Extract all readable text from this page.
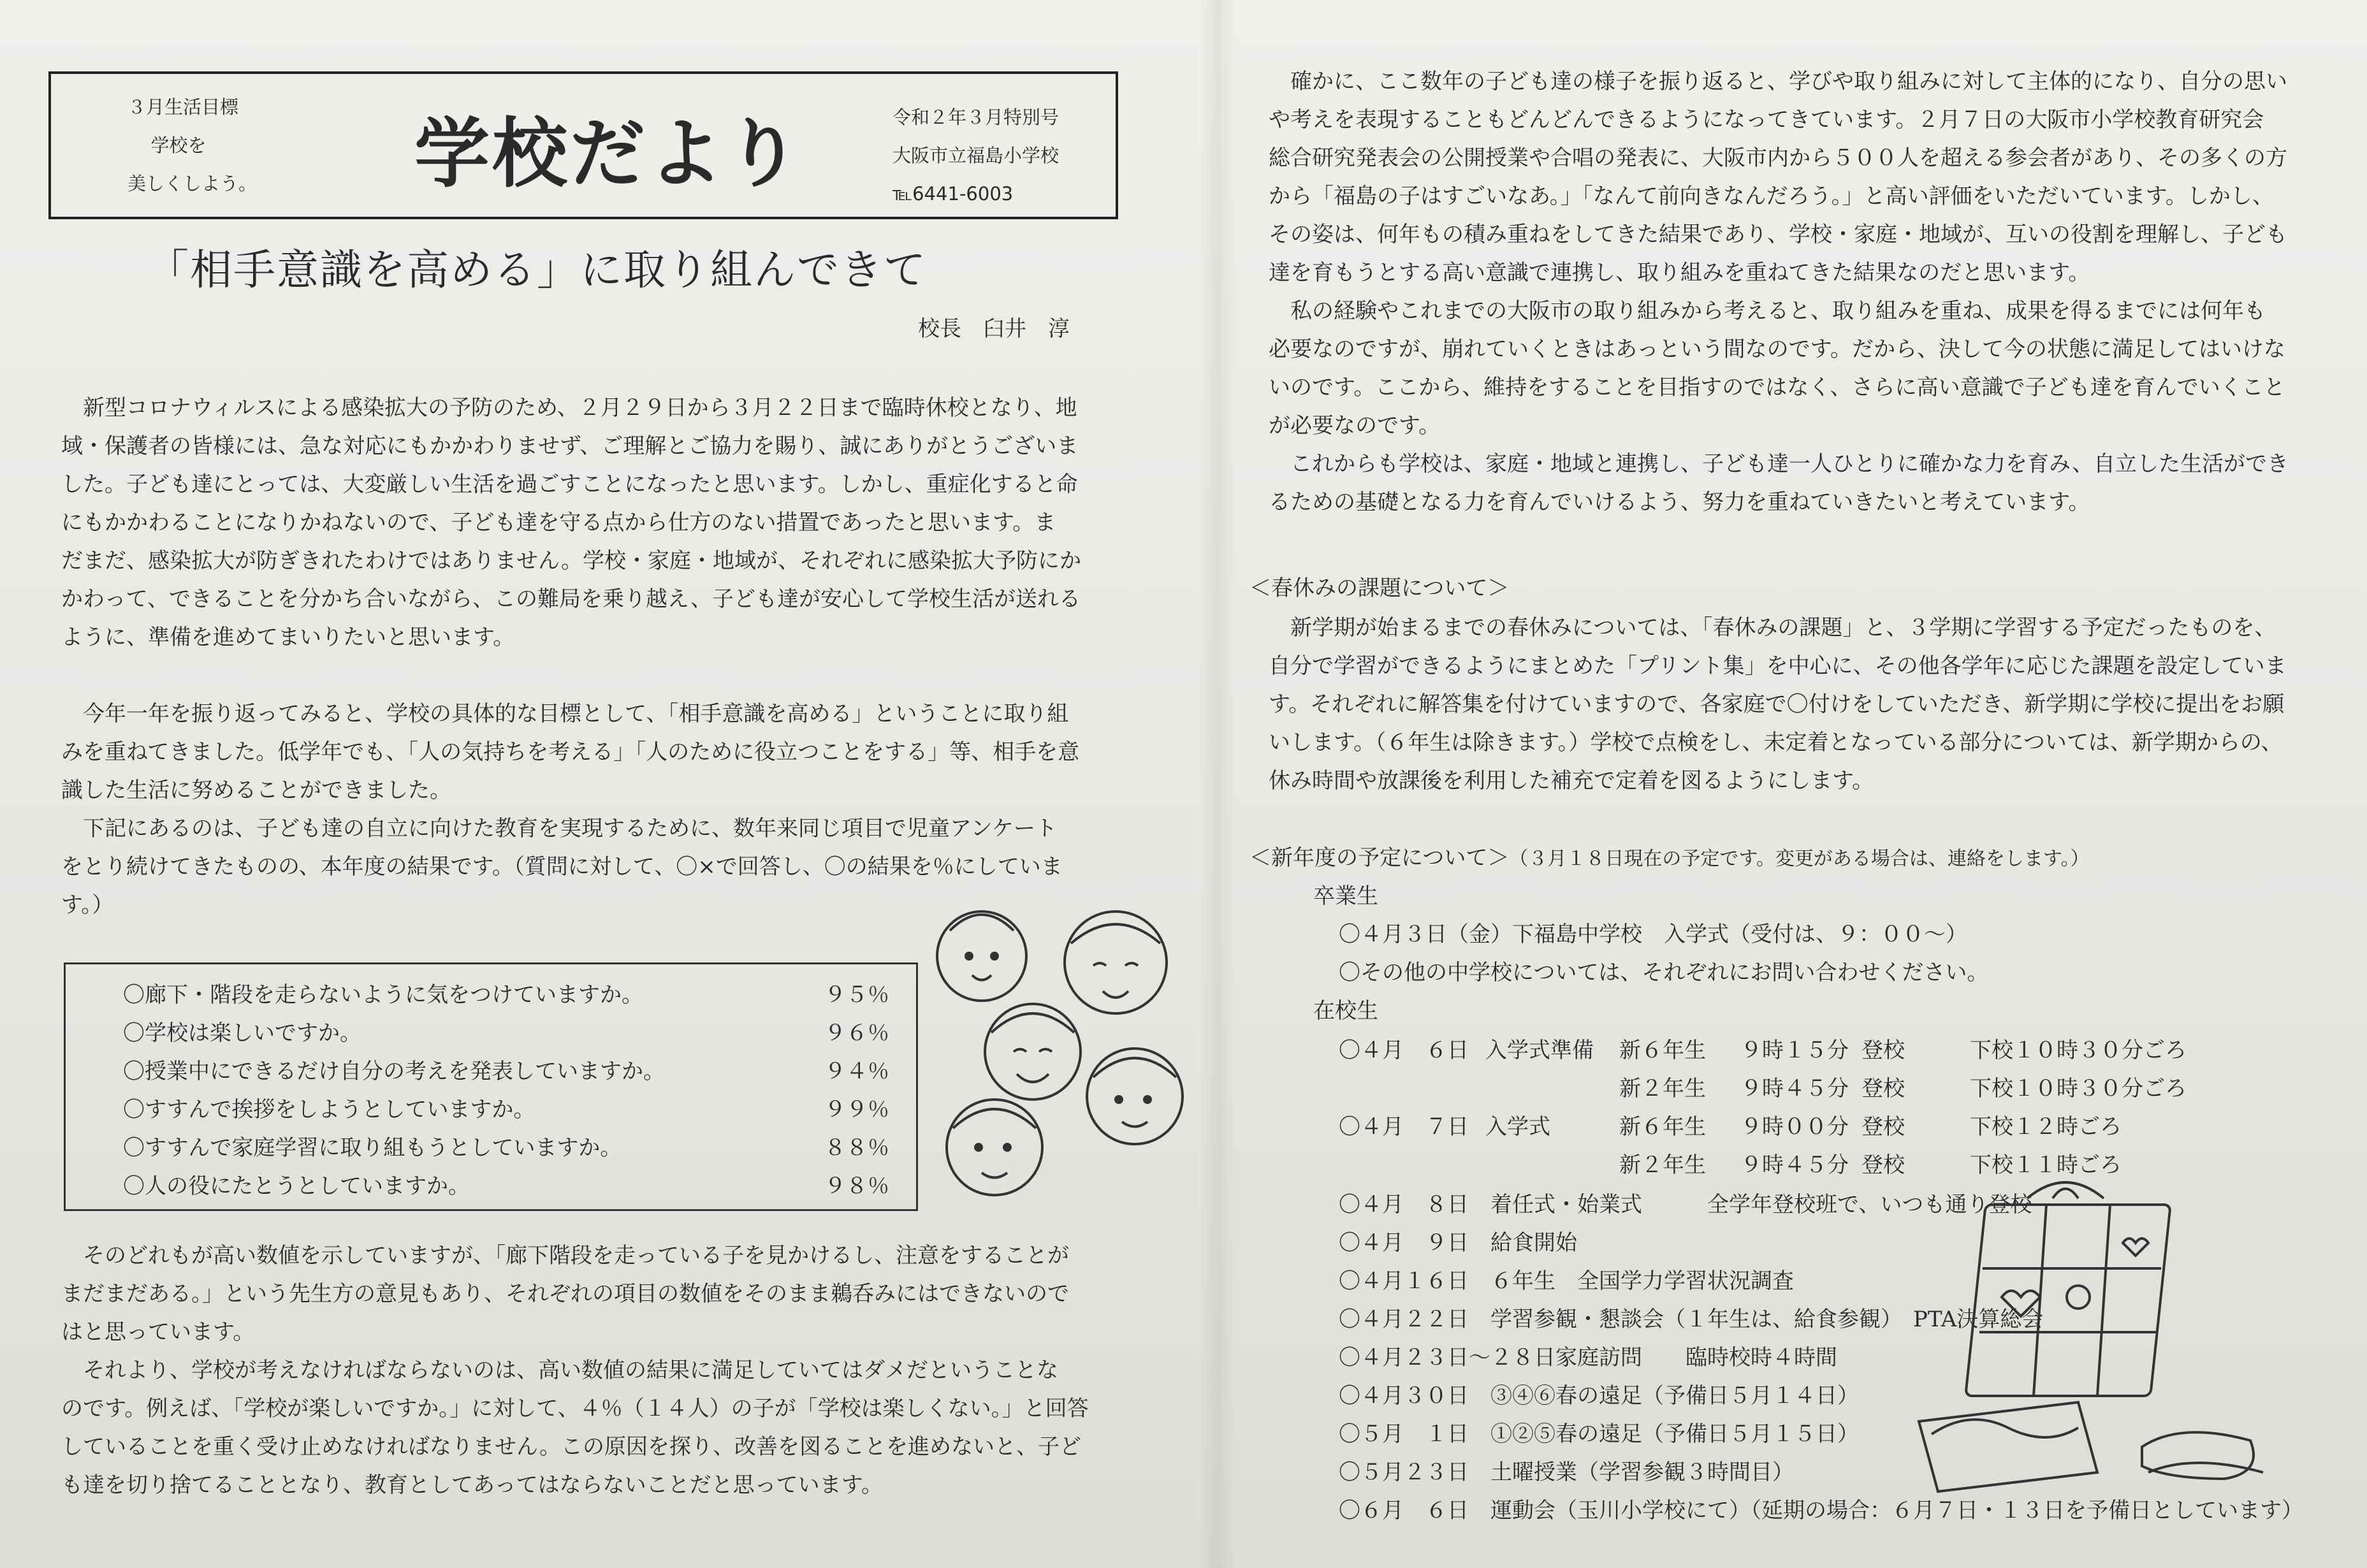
３月生活目標
学校を
美しくしよう。 学校だより	令和２年３月特別号
大阪市立福島小学校
℡6441-6003
「相手意識を高める」に取り組んできて
校長　臼井　淳

　新型コロナウィルスによる感染拡大の予防のため、２月２９日から３月２２日まで臨時休校となり、地

域・保護者の皆様には、急な対応にもかかわりませず、ご理解とご協力を賜り、誠にありがとうございま

した。子ども達にとっては、大変厳しい生活を過ごすことになったと思います。しかし、重症化すると命

にもかかわることになりかねないので、子ども達を守る点から仕方のない措置であったと思います。ま

だまだ、感染拡大が防ぎきれたわけではありません。学校・家庭・地域が、それぞれに感染拡大予防にか

かわって、できることを分かち合いながら、この難局を乗り越え、子ども達が安心して学校生活が送れる

ように、準備を進めてまいりたいと思います。

　今年一年を振り返ってみると、学校の具体的な目標として、「相手意識を高める」ということに取り組

みを重ねてきました。低学年でも、「人の気持ちを考える」「人のために役立つことをする」等、相手を意

識した生活に努めることができました。

　下記にあるのは、子ども達の自立に向けた教育を実現するために、数年来同じ項目で児童アンケート

をとり続けてきたものの、本年度の結果です。（質問に対して、〇×で回答し、〇の結果を％にしていま

す。）

〇廊下・階段を走らないように気をつけていますか。	９５％
〇学校は楽しいですか。	９６％
〇授業中にできるだけ自分の考えを発表していますか。	９４％
〇すすんで挨拶をしようとしていますか。	９９％
〇すすんで家庭学習に取り組もうとしていますか。	８８％
〇人の役にたとうとしていますか。	９８％

　そのどれもが高い数値を示していますが、「廊下階段を走っている子を見かけるし、注意をすることが

まだまだある。」という先生方の意見もあり、それぞれの項目の数値をそのまま鵜呑みにはできないので

はと思っています。

　それより、学校が考えなければならないのは、高い数値の結果に満足していてはダメだということな

のです。例えば、「学校が楽しいですか。」に対して、４％（１４人）の子が「学校は楽しくない。」と回答

していることを重く受け止めなければなりません。この原因を探り、改善を図ることを進めないと、子ど

も達を切り捨てることとなり、教育としてあってはならないことだと思っています。

　確かに、ここ数年の子ども達の様子を振り返ると、学びや取り組みに対して主体的になり、自分の思い

や考えを表現することもどんどんできるようになってきています。２月７日の大阪市小学校教育研究会

総合研究発表会の公開授業や合唱の発表に、大阪市内から５００人を超える参会者があり、その多くの方

から「福島の子はすごいなあ。」「なんて前向きなんだろう。」と高い評価をいただいています。しかし、

その姿は、何年もの積み重ねをしてきた結果であり、学校・家庭・地域が、互いの役割を理解し、子ども

達を育もうとする高い意識で連携し、取り組みを重ねてきた結果なのだと思います。

　私の経験やこれまでの大阪市の取り組みから考えると、取り組みを重ね、成果を得るまでには何年も

必要なのですが、崩れていくときはあっという間なのです。だから、決して今の状態に満足してはいけな

いのです。ここから、維持をすることを目指すのではなく、さらに高い意識で子ども達を育んでいくこと

が必要なのです。

　これからも学校は、家庭・地域と連携し、子ども達一人ひとりに確かな力を育み、自立した生活ができ

るための基礎となる力を育んでいけるよう、努力を重ねていきたいと考えています。

＜春休みの課題について＞

　新学期が始まるまでの春休みについては、「春休みの課題」と、３学期に学習する予定だったものを、

自分で学習ができるようにまとめた「プリント集」を中心に、その他各学年に応じた課題を設定していま

す。それぞれに解答集を付けていますので、各家庭で〇付けをしていただき、新学期に学校に提出をお願

いします。（６年生は除きます。）学校で点検をし、未定着となっている部分については、新学期からの、

休み時間や放課後を利用した補充で定着を図るようにします。

＜新年度の予定について＞（３月１８日現在の予定です。変更がある場合は、連絡をします。）
卒業生
〇４月３日（金）下福島中学校　入学式（受付は、９：００～）
〇その他の中学校については、それぞれにお問い合わせください。
在校生
〇４月　６日 入学式準備 新６年生 ９時１５分 登校	下校１０時３０分ごろ
新２年生 ９時４５分 登校	下校１０時３０分ごろ
〇４月　７日 入学式	新６年生 ９時００分 登校	下校１２時ごろ
新２年生 ９時４５分 登校	下校１１時ごろ
〇４月　８日　着任式・始業式　　　全学年登校班で、いつも通り登校
〇４月　９日　給食開始
〇４月１６日　６年生　全国学力学習状況調査
〇４月２２日　学習参観・懇談会（１年生は、給食参観）　PTA決算総会
〇４月２３日～２８日家庭訪問　　臨時校時４時間
〇４月３０日　③④⑥春の遠足（予備日５月１４日）
〇５月　１日　①②⑤春の遠足（予備日５月１５日）
〇５月２３日　土曜授業（学習参観３時間目）
〇６月　６日　運動会（玉川小学校にて）（延期の場合：６月７日・１３日を予備日としています）
